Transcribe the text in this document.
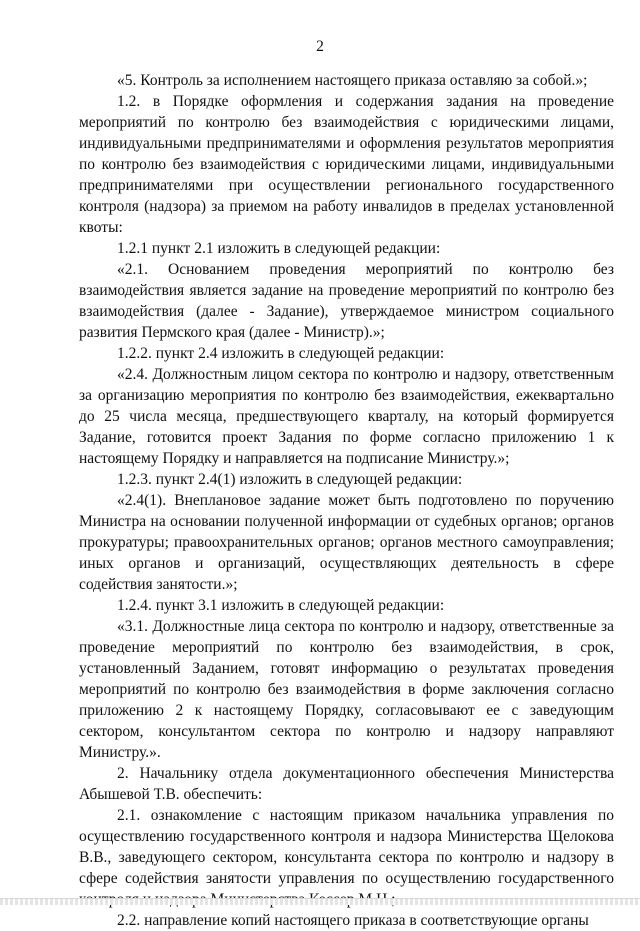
2

«5. Контроль за исполнением настоящего приказа оставляю за собой.»;

1.2. в Порядке оформления и содержания задания на проведение мероприятий по контролю без взаимодействия с юридическими лицами, индивидуальными предпринимателями и оформления результатов мероприятия по контролю без взаимодействия с юридическими лицами, индивидуальными предпринимателями при осуществлении регионального государственного контроля (надзора) за приемом на работу инвалидов в пределах установленной квоты:

1.2.1 пункт 2.1 изложить в следующей редакции:

«2.1. Основанием проведения мероприятий по контролю без взаимодействия является задание на проведение мероприятий по контролю без взаимодействия (далее - Задание), утверждаемое министром социального развития Пермского края (далее - Министр).»;

1.2.2. пункт 2.4 изложить в следующей редакции:

«2.4. Должностным лицом сектора по контролю и надзору, ответственным за организацию мероприятия по контролю без взаимодействия, ежеквартально до 25 числа месяца, предшествующего кварталу, на который формируется Задание, готовится проект Задания по форме согласно приложению 1 к настоящему Порядку и направляется на подписание Министру.»;

1.2.3. пункт 2.4(1) изложить в следующей редакции:

«2.4(1). Внеплановое задание может быть подготовлено по поручению Министра на основании полученной информации от судебных органов; органов прокуратуры; правоохранительных органов; органов местного самоуправления; иных органов и организаций, осуществляющих деятельность в сфере содействия занятости.»;

1.2.4. пункт 3.1 изложить в следующей редакции:

«3.1. Должностные лица сектора по контролю и надзору, ответственные за проведение мероприятий по контролю без взаимодействия, в срок, установленный Заданием, готовят информацию о результатах проведения мероприятий по контролю без взаимодействия в форме заключения согласно приложению 2 к настоящему Порядку, согласовывают ее с заведующим сектором, консультантом сектора по контролю и надзору направляют Министру.».

2. Начальнику отдела документационного обеспечения Министерства Абышевой Т.В. обеспечить:

2.1. ознакомление с настоящим приказом начальника управления по осуществлению государственного контроля и надзора Министерства Щелокова В.В., заведующего сектором, консультанта сектора по контролю и надзору в сфере содействия занятости управления по осуществлению государственного

2.2. направление копий настоящего приказа в соответствующие органы
